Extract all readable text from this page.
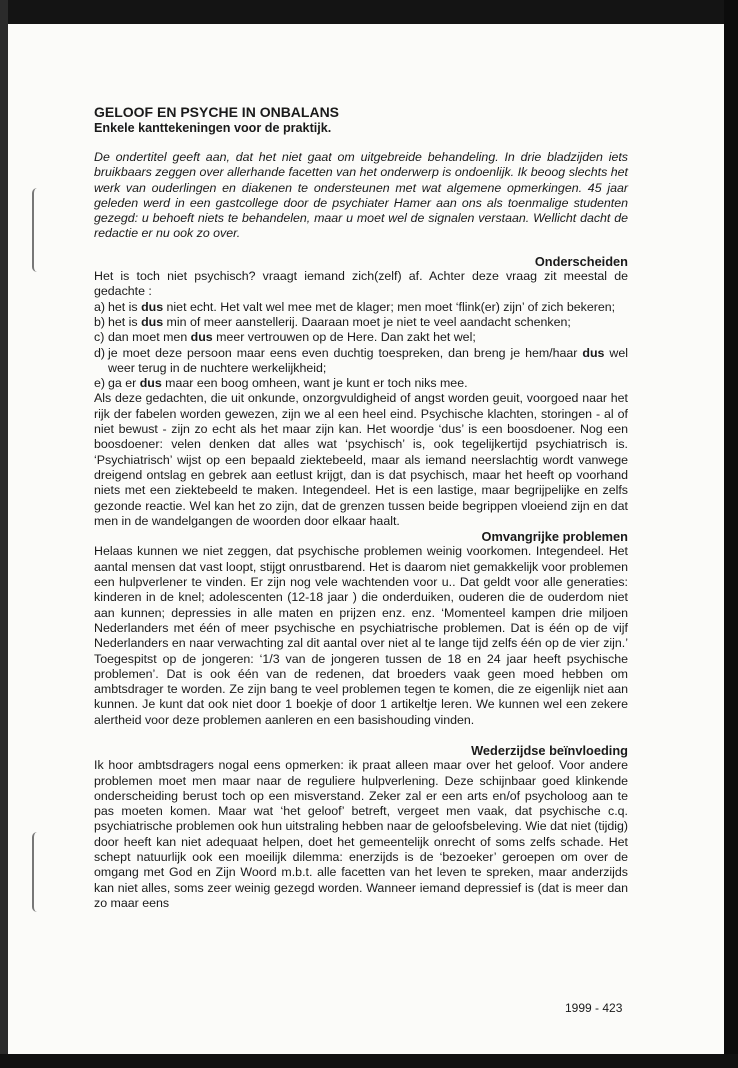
GELOOF EN PSYCHE IN ONBALANS

Enkele kanttekeningen voor de praktijk.

De ondertitel geeft aan, dat het niet gaat om uitgebreide behandeling. In drie bladzijden iets bruikbaars zeggen over allerhande facetten van het onderwerp is ondoenlijk. Ik beoog slechts het werk van ouderlingen en diakenen te ondersteunen met wat algemene opmerkingen. 45 jaar geleden werd in een gastcollege door de psychiater Hamer aan ons als toenmalige studenten gezegd: u behoeft niets te behandelen, maar u moet wel de signalen verstaan. Wellicht dacht de redactie er nu ook zo over.

Onderscheiden

Het is toch niet psychisch? vraagt iemand zich(zelf) af. Achter deze vraag zit meestal de gedachte :

a) het is dus niet echt. Het valt wel mee met de klager; men moet ‘flink(er) zijn’ of zich bekeren;
b) het is dus min of meer aanstellerij. Daaraan moet je niet te veel aandacht schenken;
c) dan moet men dus meer vertrouwen op de Here. Dan zakt het wel;
d) je moet deze persoon maar eens even duchtig toespreken, dan breng je hem/haar dus wel weer terug in de nuchtere werkelijkheid;
e) ga er dus maar een boog omheen, want je kunt er toch niks mee.

Als deze gedachten, die uit onkunde, onzorgvuldigheid of angst worden geuit, voorgoed naar het rijk der fabelen worden gewezen, zijn we al een heel eind. Psychische klachten, storingen - al of niet bewust - zijn zo echt als het maar zijn kan. Het woordje ‘dus’ is een boosdoener. Nog een boosdoener: velen denken dat alles wat ‘psychisch’ is, ook tegelijkertijd psychiatrisch is. ‘Psychiatrisch’ wijst op een bepaald ziektebeeld, maar als iemand neerslachtig wordt vanwege dreigend ontslag en gebrek aan eetlust krijgt, dan is dat psychisch, maar het heeft op voorhand niets met een ziektebeeld te maken. Integendeel. Het is een lastige, maar begrijpelijke en zelfs gezonde reactie. Wel kan het zo zijn, dat de grenzen tussen beide begrippen vloeiend zijn en dat men in de wandelgangen de woorden door elkaar haalt.

Omvangrijke problemen

Helaas kunnen we niet zeggen, dat psychische problemen weinig voorkomen. Integendeel. Het aantal mensen dat vast loopt, stijgt onrustbarend. Het is daarom niet gemakkelijk voor problemen een hulpverlener te vinden. Er zijn nog vele wachtenden voor u.. Dat geldt voor alle generaties: kinderen in de knel; adolescenten (12-18 jaar ) die onderduiken, ouderen die de ouderdom niet aan kunnen; depressies in alle maten en prijzen enz. enz. ‘Momenteel kampen drie miljoen Nederlanders met één of meer psychische en psychiatrische problemen. Dat is één op de vijf Nederlanders en naar verwachting zal dit aantal over niet al te lange tijd zelfs één op de vier zijn.’ Toegespitst op de jongeren: ‘1/3 van de jongeren tussen de 18 en 24 jaar heeft psychische problemen’. Dat is ook één van de redenen, dat broeders vaak geen moed hebben om ambtsdrager te worden. Ze zijn bang te veel problemen tegen te komen, die ze eigenlijk niet aan kunnen. Je kunt dat ook niet door 1 boekje of door 1 artikeltje leren. We kunnen wel een zekere alertheid voor deze problemen aanleren en een basishouding vinden.

Wederzijdse beïnvloeding

Ik hoor ambtsdragers nogal eens opmerken: ik praat alleen maar over het geloof. Voor andere problemen moet men maar naar de reguliere hulpverlening. Deze schijnbaar goed klinkende onderscheiding berust toch op een misverstand. Zeker zal er een arts en/of psycholoog aan te pas moeten komen. Maar wat ‘het geloof’ betreft, vergeet men vaak, dat psychische c.q. psychiatrische problemen ook hun uitstraling hebben naar de geloofsbeleving. Wie dat niet (tijdig) door heeft kan niet adequaat helpen, doet het gemeentelijk onrecht of soms zelfs schade. Het schept natuurlijk ook een moeilijk dilemma: enerzijds is de ‘bezoeker’ geroepen om over de omgang met God en Zijn Woord m.b.t. alle facetten van het leven te spreken, maar anderzijds kan niet alles, soms zeer weinig gezegd worden. Wanneer iemand depressief is (dat is meer dan zo maar eens

1999 - 423
